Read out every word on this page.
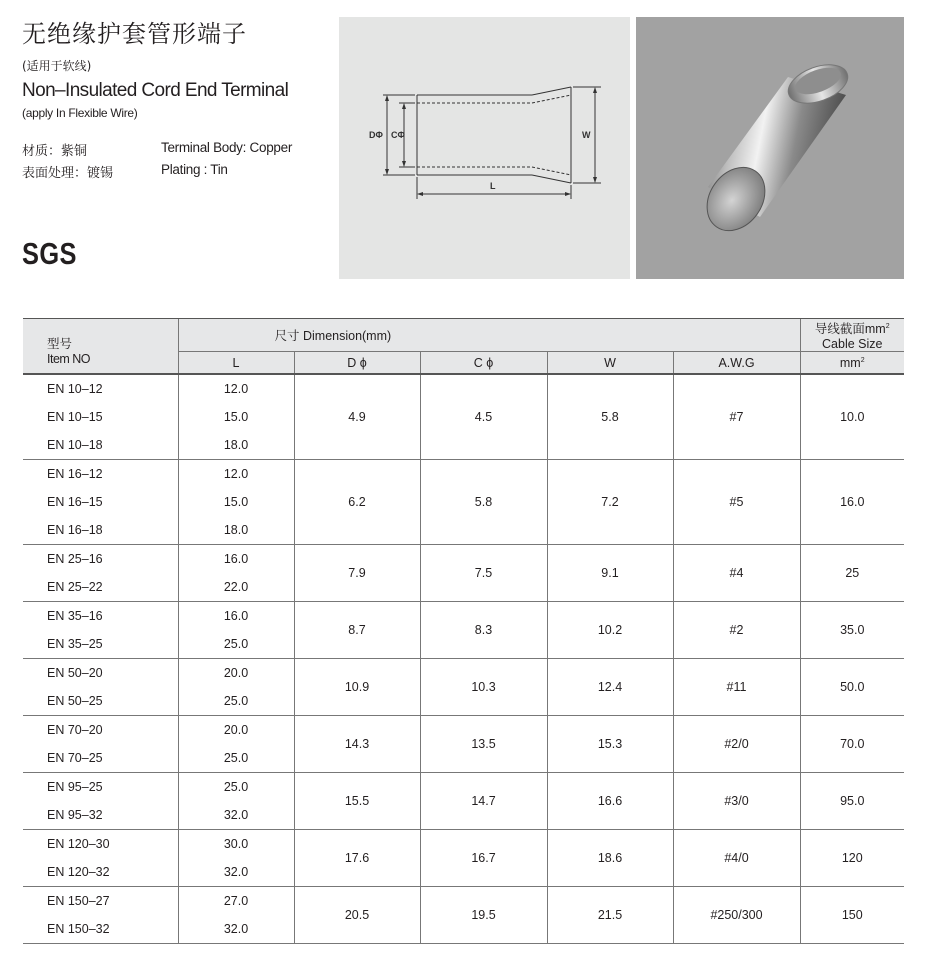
无绝缘护套管形端子
(适用于软线)
Non–Insulated Cord End Terminal
(apply In Flexible Wire)
材质：紫铜	Terminal Body: Copper
表面处理：镀锡	Plating : Tin
SGS
DΦ CΦ	W
L
型号	尺寸 Dimension(mm)					导线截面$mm^2$ Cable Size
Item NO	L	D ϕ	C ϕ	W	A.W.G	$mm^2$
EN 10–12	12.0	4.9	4.5	5.8	#7	10.0
EN 10–15	15.0					
EN 10–18	18.0					
EN 16–12	12.0	6.2	5.8	7.2	#5	16.0
EN 16–15	15.0					
EN 16–18	18.0					
EN 25–16	16.0	7.9	7.5	9.1	#4	25
EN 25–22	22.0					
EN 35–16	16.0	8.7	8.3	10.2	#2	35.0
EN 35–25	25.0					
EN 50–20	20.0	10.9	10.3	12.4	#11	50.0
EN 50–25	25.0					
EN 70–20	20.0	14.3	13.5	15.3	#2/0	70.0
EN 70–25	25.0					
EN 95–25	25.0	15.5	14.7	16.6	#3/0	95.0
EN 95–32	32.0					
EN 120–30	30.0	17.6	16.7	18.6	#4/0	120
EN 120–32	32.0					
EN 150–27	27.0	20.5	19.5	21.5	#250/300	150
EN 150–32	32.0					
